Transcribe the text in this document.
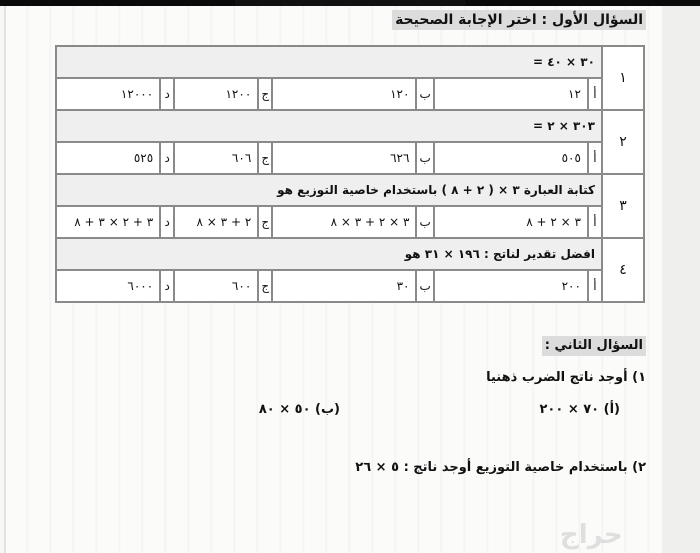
السؤال الأول : اختر الإجابة الصحيحة
١	٣٠ × ٤٠ =							
	أ	١٢	ب	١٢٠	ج	١٢٠٠	د	١٢٠٠٠
٢	٣٠٣ × ٢ =							
	أ	٥٠٥	ب	٦٢٦	ج	٦٠٦	د	٥٢٥
٣	كتابة العبارة ٣ × ( ٢ + ٨ ) باستخدام خاصية التوزيع هو							
	أ	٣ × ٢ + ٨	ب	٣ × ٢ + ٣ × ٨	ج	٢ + ٣ × ٨	د	٣ + ٢ × ٣ + ٨
٤	افضل تقدير لناتج : ١٩٦ × ٣١ هو							
	أ	٢٠٠	ب	٣٠	ج	٦٠٠	د	٦٠٠٠
السؤال الثاني :
١) أوجد ناتج الضرب ذهنيا
(أ) ٧٠ × ٢٠٠
(ب) ٥٠ × ٨٠
٢) باستخدام خاصية التوزيع أوجد ناتج : ٥ × ٢٦
حراج
